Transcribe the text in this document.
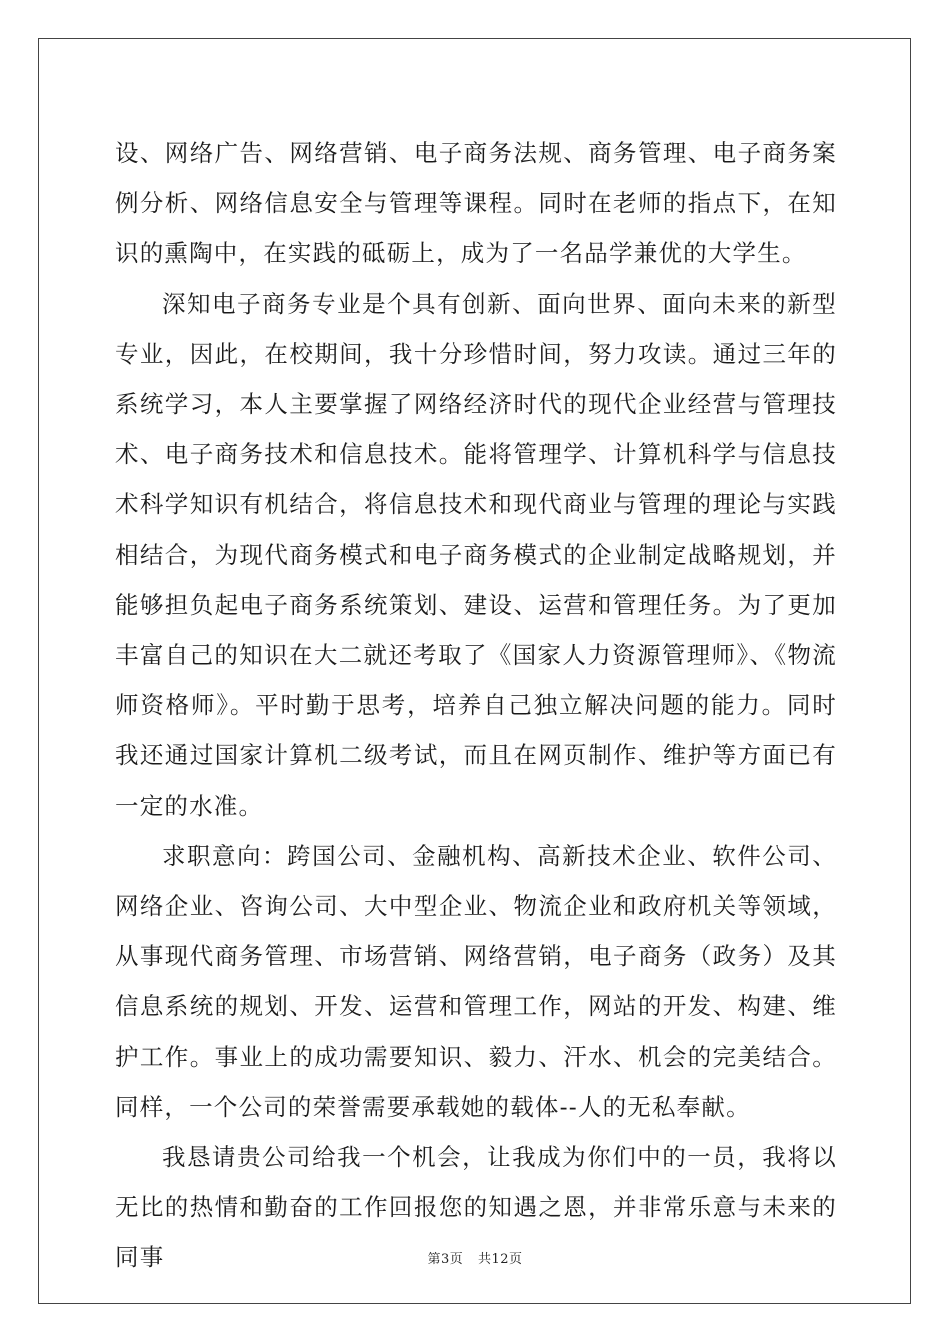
设、网络广告、网络营销、电子商务法规、商务管理、电子商务案例分析、网络信息安全与管理等课程。同时在老师的指点下，在知识的熏陶中，在实践的砥砺上，成为了一名品学兼优的大学生。

深知电子商务专业是个具有创新、面向世界、面向未来的新型专业，因此，在校期间，我十分珍惜时间，努力攻读。通过三年的系统学习，本人主要掌握了网络经济时代的现代企业经营与管理技术、电子商务技术和信息技术。能将管理学、计算机科学与信息技术科学知识有机结合，将信息技术和现代商业与管理的理论与实践相结合，为现代商务模式和电子商务模式的企业制定战略规划，并能够担负起电子商务系统策划、建设、运营和管理任务。为了更加丰富自己的知识在大二就还考取了《国家人力资源管理师》、《物流师资格师》。平时勤于思考，培养自己独立解决问题的能力。同时我还通过国家计算机二级考试，而且在网页制作、维护等方面已有一定的水准。

求职意向：跨国公司、金融机构、高新技术企业、软件公司、网络企业、咨询公司、大中型企业、物流企业和政府机关等领域，从事现代商务管理、市场营销、网络营销，电子商务（政务）及其信息系统的规划、开发、运营和管理工作，网站的开发、构建、维护工作。事业上的成功需要知识、毅力、汗水、机会的完美结合。同样，一个公司的荣誉需要承载她的载体--人的无私奉献。

我恳请贵公司给我一个机会，让我成为你们中的一员，我将以无比的热情和勤奋的工作回报您的知遇之恩，并非常乐意与未来的同事	第3页 共12页
